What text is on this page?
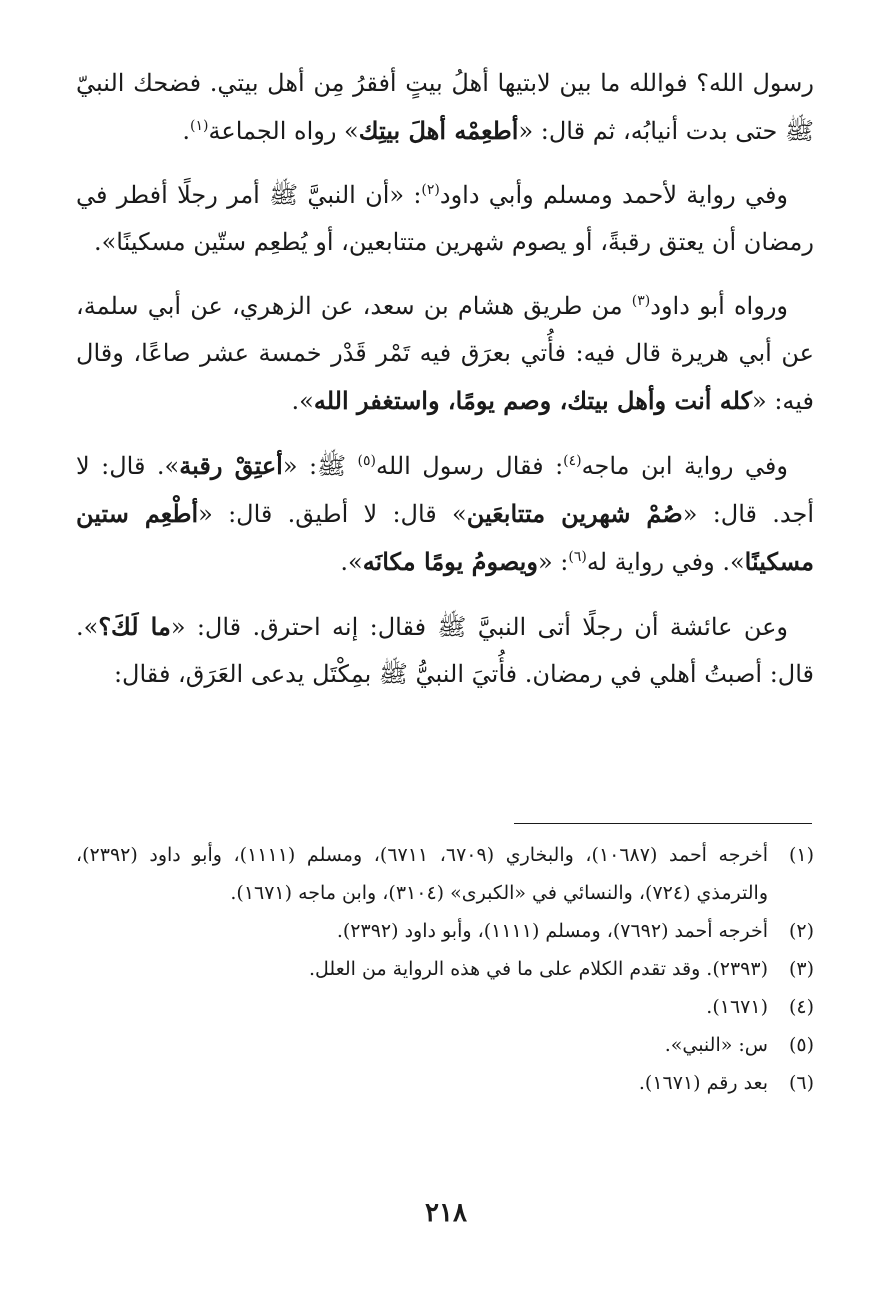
رسول الله؟ فوالله ما بين لابتيها أهلُ بيتٍ أفقرُ مِن أهل بيتي. فضحك النبيّ ﷺ حتى بدت أنيابُه، ثم قال: «أطعِمْه أهلَ بيتِك» رواه الجماعة$^{(١)}$.

وفي رواية لأحمد ومسلم وأبي داود$^{(٢)}$: «أن النبيَّ ﷺ أمر رجلًا أفطر في رمضان أن يعتق رقبةً، أو يصوم شهرين متتابعين، أو يُطعِم ستّين مسكينًا».

ورواه أبو داود$^{(٣)}$ من طريق هشام بن سعد، عن الزهري، عن أبي سلمة، عن أبي هريرة قال فيه: فأُتي بعرَق فيه تَمْر قَدْر خمسة عشر صاعًا، وقال فيه: «كله أنت وأهل بيتك، وصم يومًا، واستغفر الله».

وفي رواية ابن ماجه$^{(٤)}$: فقال رسول الله$^{(٥)}$ ﷺ: «أعتِقْ رقبة». قال: لا أجد. قال: «صُمْ شهرين متتابعَين» قال: لا أطيق. قال: «أطْعِم ستين مسكينًا». وفي رواية له$^{(٦)}$: «ويصومُ يومًا مكانَه».

وعن عائشة أن رجلًا أتى النبيَّ ﷺ فقال: إنه احترق. قال: «ما لَكَ؟». قال: أصبتُ أهلي في رمضان. فأُتيَ النبيُّ ﷺ بمِكْتَل يدعى العَرَق، فقال:

(١)
أخرجه أحمد (١٠٦٨٧)، والبخاري (٦٧٠٩، ٦٧١١)، ومسلم (١١١١)، وأبو داود (٢٣٩٢)، والترمذي (٧٢٤)، والنسائي في «الكبرى» (٣١٠٤)، وابن ماجه (١٦٧١).
(٢)
أخرجه أحمد (٧٦٩٢)، ومسلم (١١١١)، وأبو داود (٢٣٩٢).
(٣)
(٢٣٩٣). وقد تقدم الكلام على ما في هذه الرواية من العلل.
(٤)
(١٦٧١).
(٥)
س: «النبي».
(٦)
بعد رقم (١٦٧١).
٢١٨
